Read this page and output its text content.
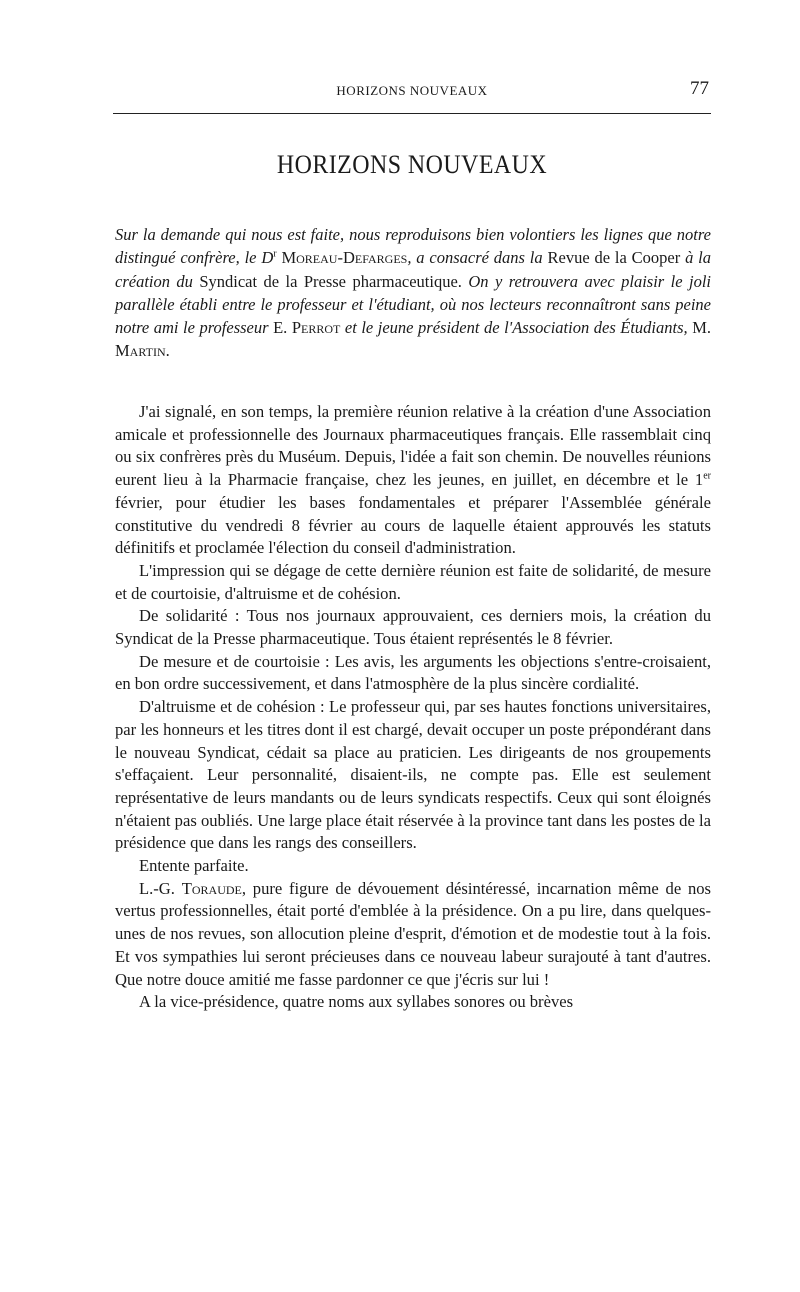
HORIZONS NOUVEAUX	77
HORIZONS NOUVEAUX
Sur la demande qui nous est faite, nous reproduisons bien volontiers les lignes que notre distingué confrère, le $D^r$ Moreau-Defarges, a consacré dans la Revue de la Cooper à la création du Syndicat de la Presse pharmaceutique. On y retrouvera avec plaisir le joli parallèle établi entre le professeur et l'étudiant, où nos lecteurs reconnaîtront sans peine notre ami le professeur E. Perrot et le jeune président de l'Association des Étudiants, M. Martin.

J'ai signalé, en son temps, la première réunion relative à la création d'une Association amicale et professionnelle des Journaux pharmaceutiques français. Elle rassemblait cinq ou six confrères près du Muséum. Depuis, l'idée a fait son chemin. De nouvelles réunions eurent lieu à la Pharmacie française, chez les jeunes, en juillet, en décembre et le 1er février, pour étudier les bases fondamentales et préparer l'Assemblée générale constitutive du vendredi 8 février au cours de laquelle étaient approuvés les statuts définitifs et proclamée l'élection du conseil d'administration.

L'impression qui se dégage de cette dernière réunion est faite de solidarité, de mesure et de courtoisie, d'altruisme et de cohésion.

De solidarité : Tous nos journaux approuvaient, ces derniers mois, la création du Syndicat de la Presse pharmaceutique. Tous étaient représentés le 8 février.

De mesure et de courtoisie : Les avis, les arguments les objections s'entre-croisaient, en bon ordre successivement, et dans l'atmosphère de la plus sincère cordialité.

D'altruisme et de cohésion : Le professeur qui, par ses hautes fonctions universitaires, par les honneurs et les titres dont il est chargé, devait occuper un poste prépondérant dans le nouveau Syndicat, cédait sa place au praticien. Les dirigeants de nos groupements s'effaçaient. Leur personnalité, disaient-ils, ne compte pas. Elle est seulement représentative de leurs mandants ou de leurs syndicats respectifs. Ceux qui sont éloignés n'étaient pas oubliés. Une large place était réservée à la province tant dans les postes de la présidence que dans les rangs des conseillers.

Entente parfaite.

L.-G. Toraude, pure figure de dévouement désintéressé, incarnation même de nos vertus professionnelles, était porté d'emblée à la présidence. On a pu lire, dans quelques-unes de nos revues, son allocution pleine d'esprit, d'émotion et de modestie tout à la fois. Et vos sympathies lui seront précieuses dans ce nouveau labeur surajouté à tant d'autres. Que notre douce amitié me fasse pardonner ce que j'écris sur lui !

A la vice-présidence, quatre noms aux syllabes sonores ou brèves
